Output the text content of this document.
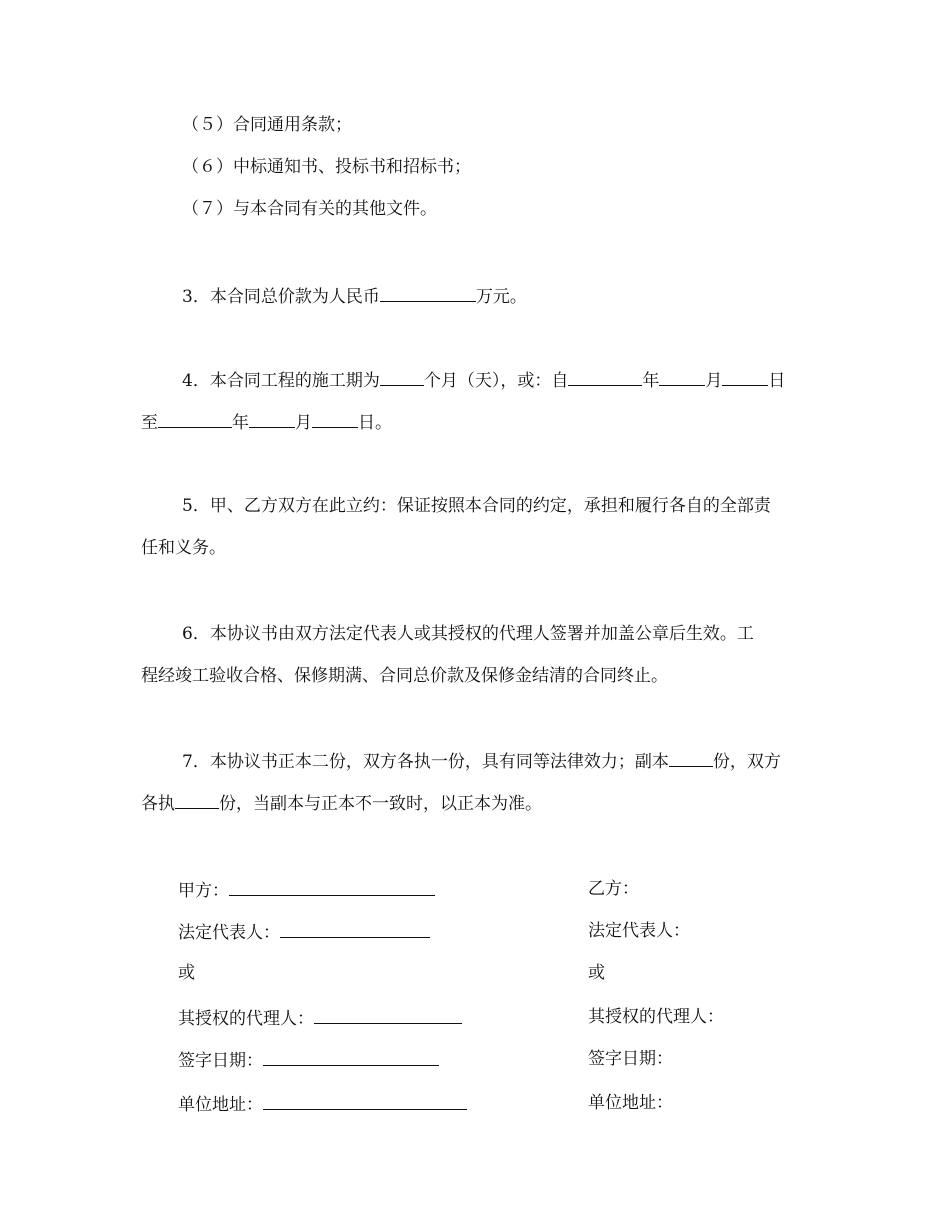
（５）合同通用条款；
（６）中标通知书、投标书和招标书；
（７）与本合同有关的其他文件。
3．本合同总价款为人民币	万元。
4．本合同工程的施工期为	个月（天），或：自	年	月	日
至	年	月	日。
5．甲、乙方双方在此立约：保证按照本合同的约定，承担和履行各自的全部责
任和义务。
6．本协议书由双方法定代表人或其授权的代理人签署并加盖公章后生效。工
程经竣工验收合格、保修期满、合同总价款及保修金结清的合同终止。
7．本协议书正本二份，双方各执一份，具有同等法律效力；副本	份，双方
各执	份，当副本与正本不一致时，以正本为准。
甲方：
法定代表人：
或
其授权的代理人：
签字日期：
单位地址：
乙方：
法定代表人：
或
其授权的代理人：
签字日期：
单位地址：
